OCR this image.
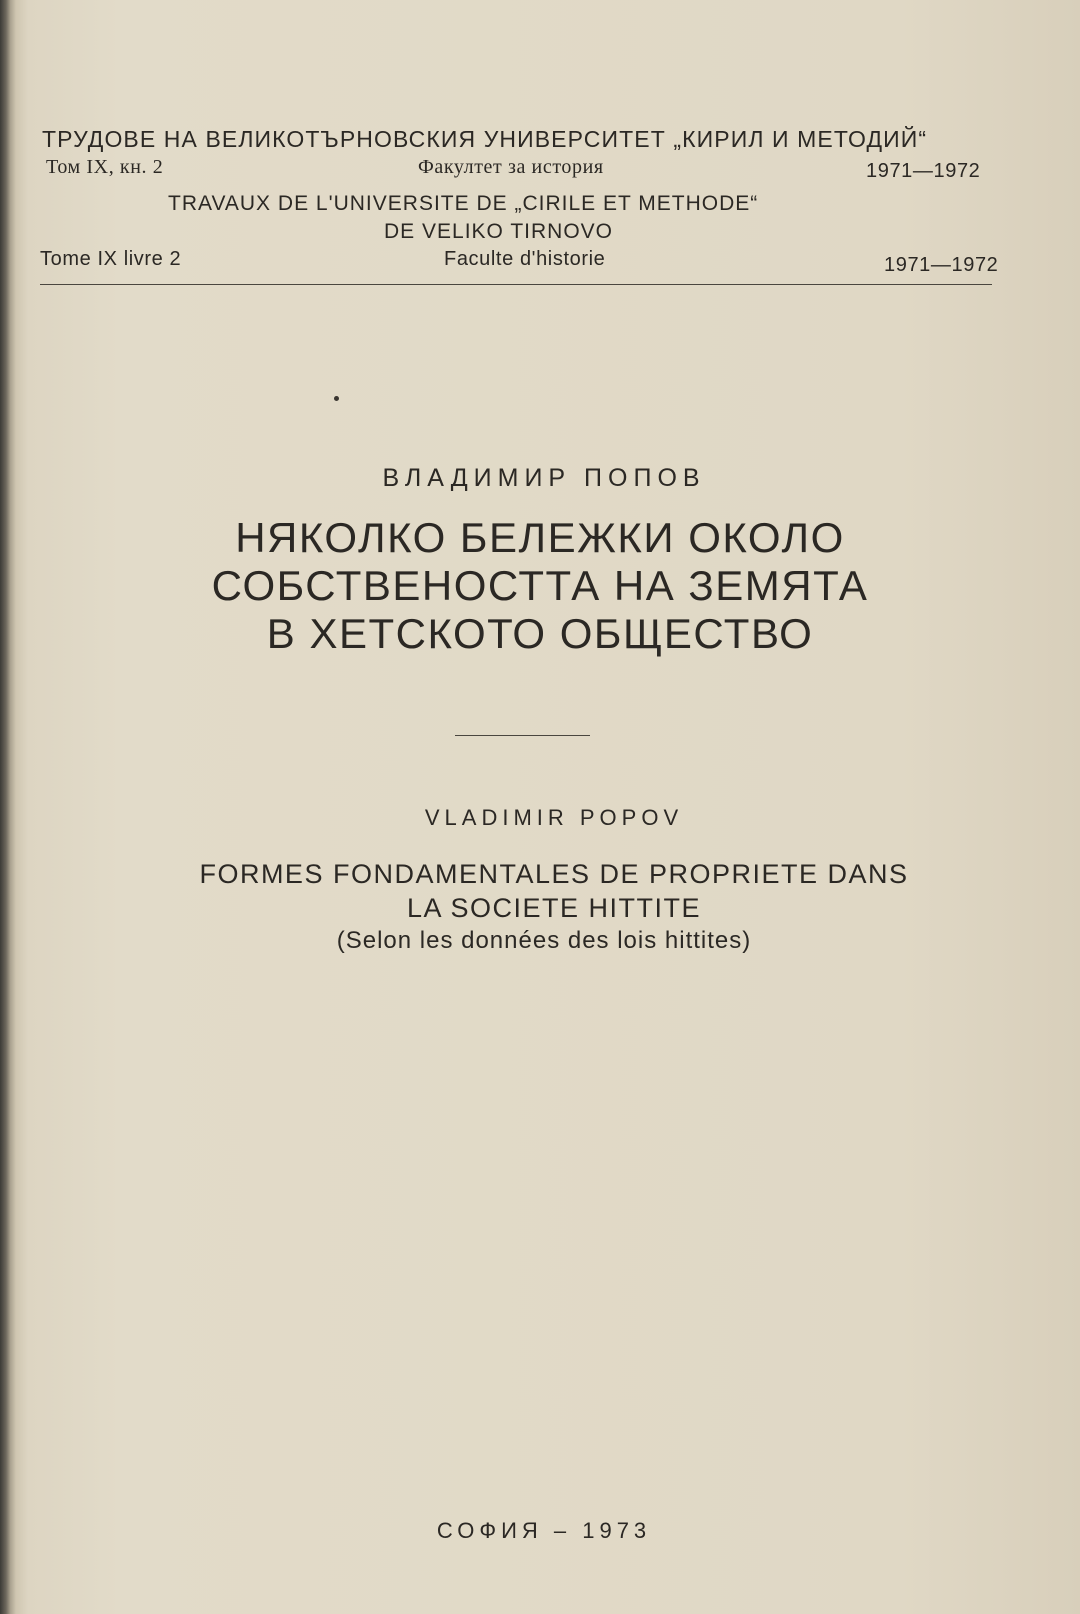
ТРУДОВЕ НА ВЕЛИКОТЪРНОВСКИЯ УНИВЕРСИТЕТ „КИРИЛ И МЕТОДИЙ“
Том IX, кн. 2	Факултет за история	1971—1972
TRAVAUX DE L'UNIVERSITE DE „CIRILE ET METHODE“
DE VELIKO TIRNOVO
Tome IX livre 2	Faculte d'historie	1971—1972
ВЛАДИМИР ПОПОВ
НЯКОЛКО БЕЛЕЖКИ ОКОЛО
СОБСТВЕНОСТТА НА ЗЕМЯТА
В ХЕТСКОТО ОБЩЕСТВО
VLADIMIR POPOV
FORMES FONDAMENTALES DE PROPRIETE DANS
LA SOCIETE HITTITE
(Selon les données des lois hittites)
СОФИЯ – 1973
